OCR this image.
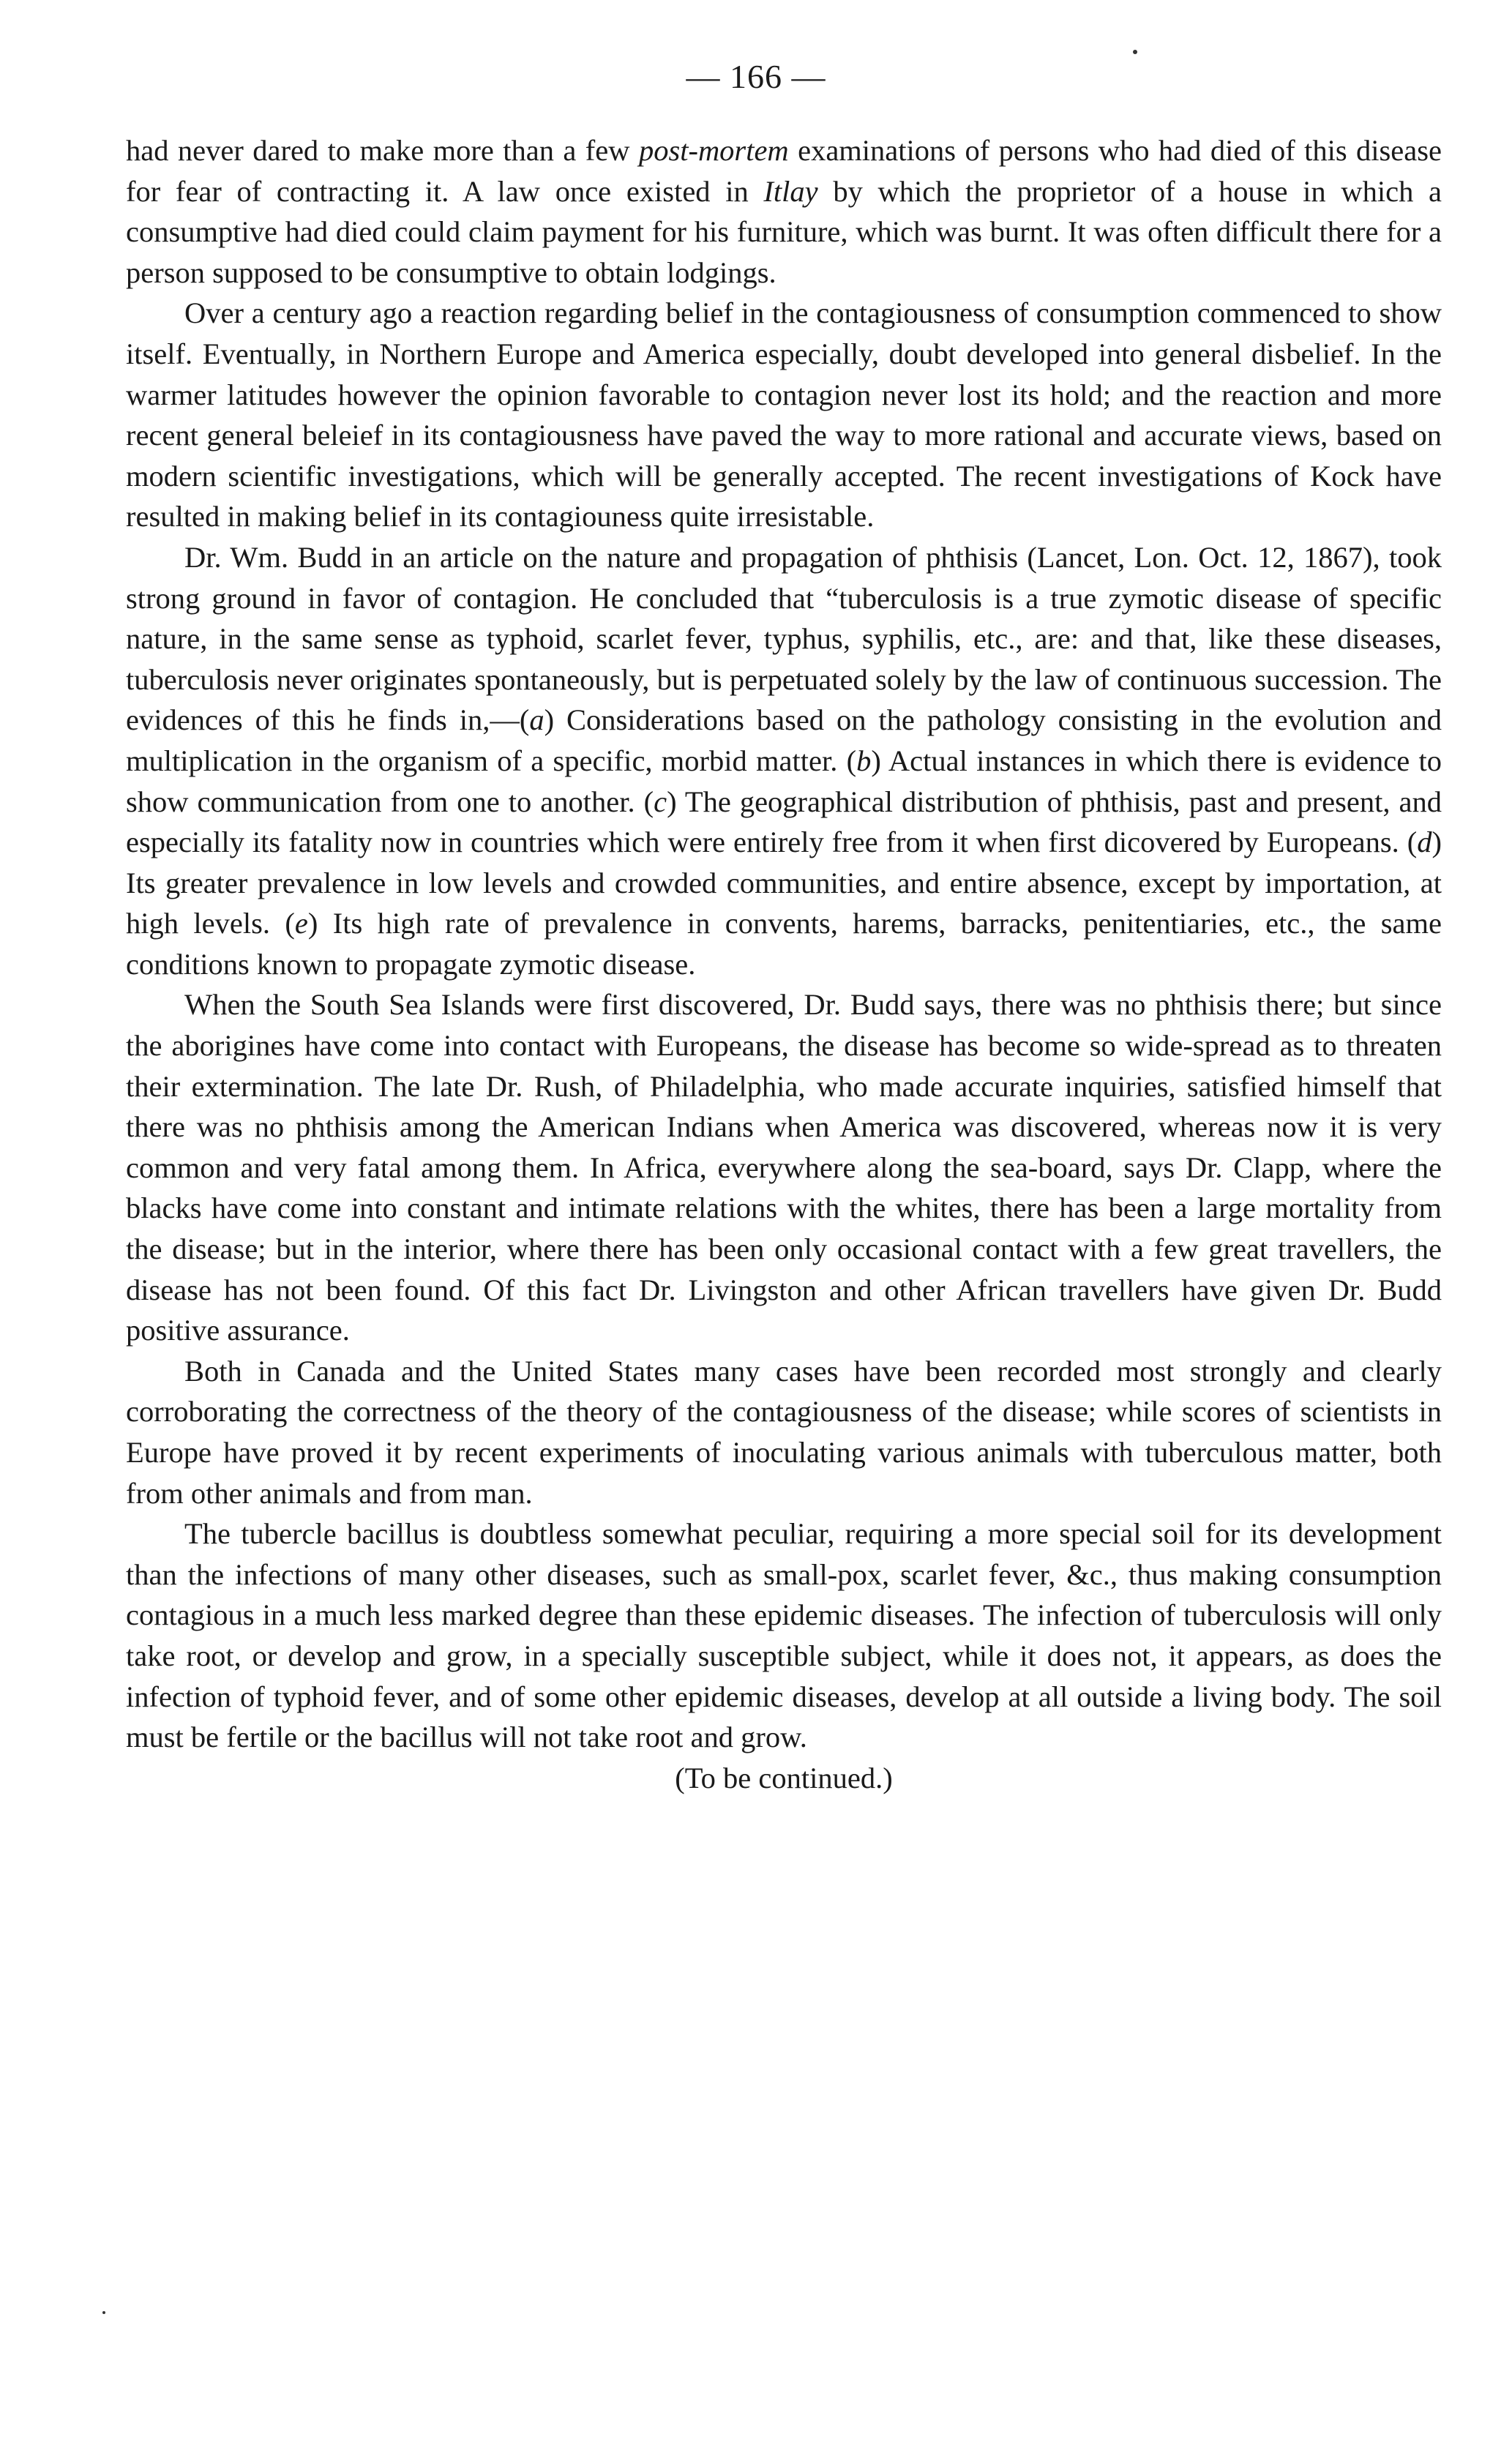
— 166 —

had never dared to make more than a few post-mortem examinations of persons who had died of this disease for fear of contracting it. A law once existed in Itlay by which the proprietor of a house in which a consumptive had died could claim payment for his furniture, which was burnt. It was often difficult there for a person supposed to be consumptive to obtain lodgings.

Over a century ago a reaction regarding belief in the contagiousness of consumption commenced to show itself. Eventually, in Northern Europe and America especially, doubt developed into general disbelief. In the warmer latitudes however the opinion favorable to contagion never lost its hold; and the reaction and more recent general beleief in its contagiousness have paved the way to more rational and accurate views, based on modern scientific investigations, which will be generally accepted. The recent investigations of Kock have resulted in making belief in its contagiouness quite irresistable.

Dr. Wm. Budd in an article on the nature and propagation of phthisis (Lancet, Lon. Oct. 12, 1867), took strong ground in favor of contagion. He concluded that “tuberculosis is a true zymotic disease of specific nature, in the same sense as typhoid, scarlet fever, typhus, syphilis, etc., are: and that, like these diseases, tuberculosis never originates spontaneously, but is perpetuated solely by the law of continuous succession. The evidences of this he finds in,—(a) Considerations based on the pathology consisting in the evolution and multiplication in the organism of a specific, morbid matter. (b) Actual instances in which there is evidence to show communication from one to another. (c) The geographical distribution of phthisis, past and present, and especially its fatality now in countries which were entirely free from it when first dicovered by Europeans. (d) Its greater prevalence in low levels and crowded communities, and entire absence, except by importation, at high levels. (e) Its high rate of prevalence in convents, harems, barracks, penitentiaries, etc., the same conditions known to propagate zymotic disease.

When the South Sea Islands were first discovered, Dr. Budd says, there was no phthisis there; but since the aborigines have come into contact with Europeans, the disease has become so wide-spread as to threaten their extermination. The late Dr. Rush, of Philadelphia, who made accurate inquiries, satisfied himself that there was no phthisis among the American Indians when America was discovered, whereas now it is very common and very fatal among them. In Africa, everywhere along the sea-board, says Dr. Clapp, where the blacks have come into constant and intimate relations with the whites, there has been a large mortality from the disease; but in the interior, where there has been only occasional contact with a few great travellers, the disease has not been found. Of this fact Dr. Livingston and other African travellers have given Dr. Budd positive assurance.

Both in Canada and the United States many cases have been recorded most strongly and clearly corroborating the correctness of the theory of the contagiousness of the disease; while scores of scientists in Europe have proved it by recent experiments of inoculating various animals with tuberculous matter, both from other animals and from man.

The tubercle bacillus is doubtless somewhat peculiar, requiring a more special soil for its development than the infections of many other diseases, such as small-pox, scarlet fever, &c., thus making consumption contagious in a much less marked degree than these epidemic diseases. The infection of tuberculosis will only take root, or develop and grow, in a specially susceptible subject, while it does not, it appears, as does the infection of typhoid fever, and of some other epidemic diseases, develop at all outside a living body. The soil must be fertile or the bacillus will not take root and grow.

(To be continued.)
